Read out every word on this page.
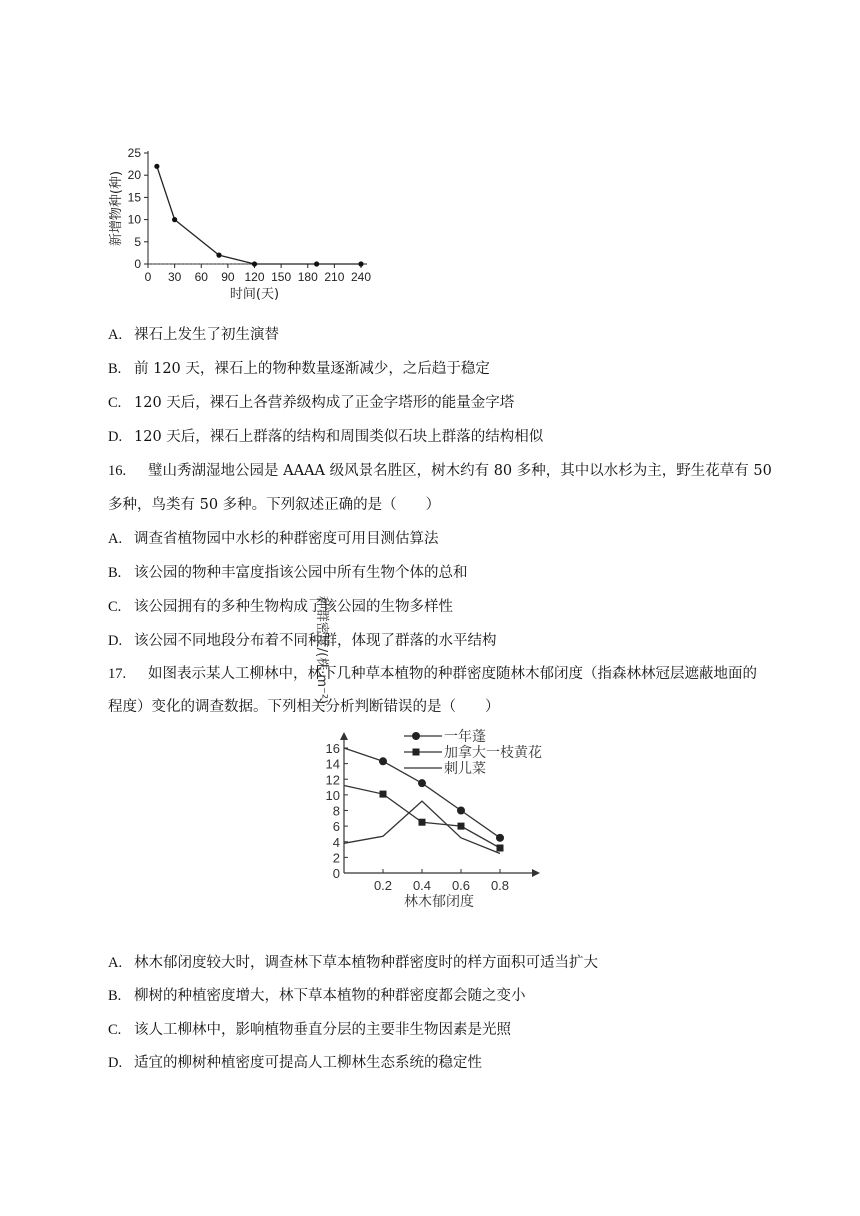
0
5
10
15
20
25
0 30 60 90 120 150 180 210 240
时间(天)
新增物种(种)
A. 裸石上发生了初生演替
B. 前 120 天，裸石上的物种数量逐渐减少，之后趋于稳定
C. 120 天后，裸石上各营养级构成了正金字塔形的能量金字塔
D. 120 天后，裸石上群落的结构和周围类似石块上群落的结构相似
16. 璧山秀湖湿地公园是 AAAA 级风景名胜区，树木约有 80 多种，其中以水杉为主，野生花草有 50
多种，鸟类有 50 多种。下列叙述正确的是（　　）
A. 调查省植物园中水杉的种群密度可用目测估算法
B. 该公园的物种丰富度指该公园中所有生物个体的总和
C. 该公园拥有的多种生物构成了该公园的生物多样性
D. 该公园不同地段分布着不同种群，体现了群落的水平结构
17. 如图表示某人工柳林中，林下几种草本植物的种群密度随林木郁闭度（指森林林冠层遮蔽地面的
程度）变化的调查数据。下列相关分析判断错误的是（　　）
0
2
4
6
8
10
12
14
16
0.2 0.4 0.6 0.8
林木郁闭度
种群密度/(株·m⁻²)
一年蓬
加拿大一枝黄花
刺儿菜
A. 林木郁闭度较大时，调查林下草本植物种群密度时的样方面积可适当扩大
B. 柳树的种植密度增大，林下草本植物的种群密度都会随之变小
C. 该人工柳林中，影响植物垂直分层的主要非生物因素是光照
D. 适宜的柳树种植密度可提高人工柳林生态系统的稳定性
